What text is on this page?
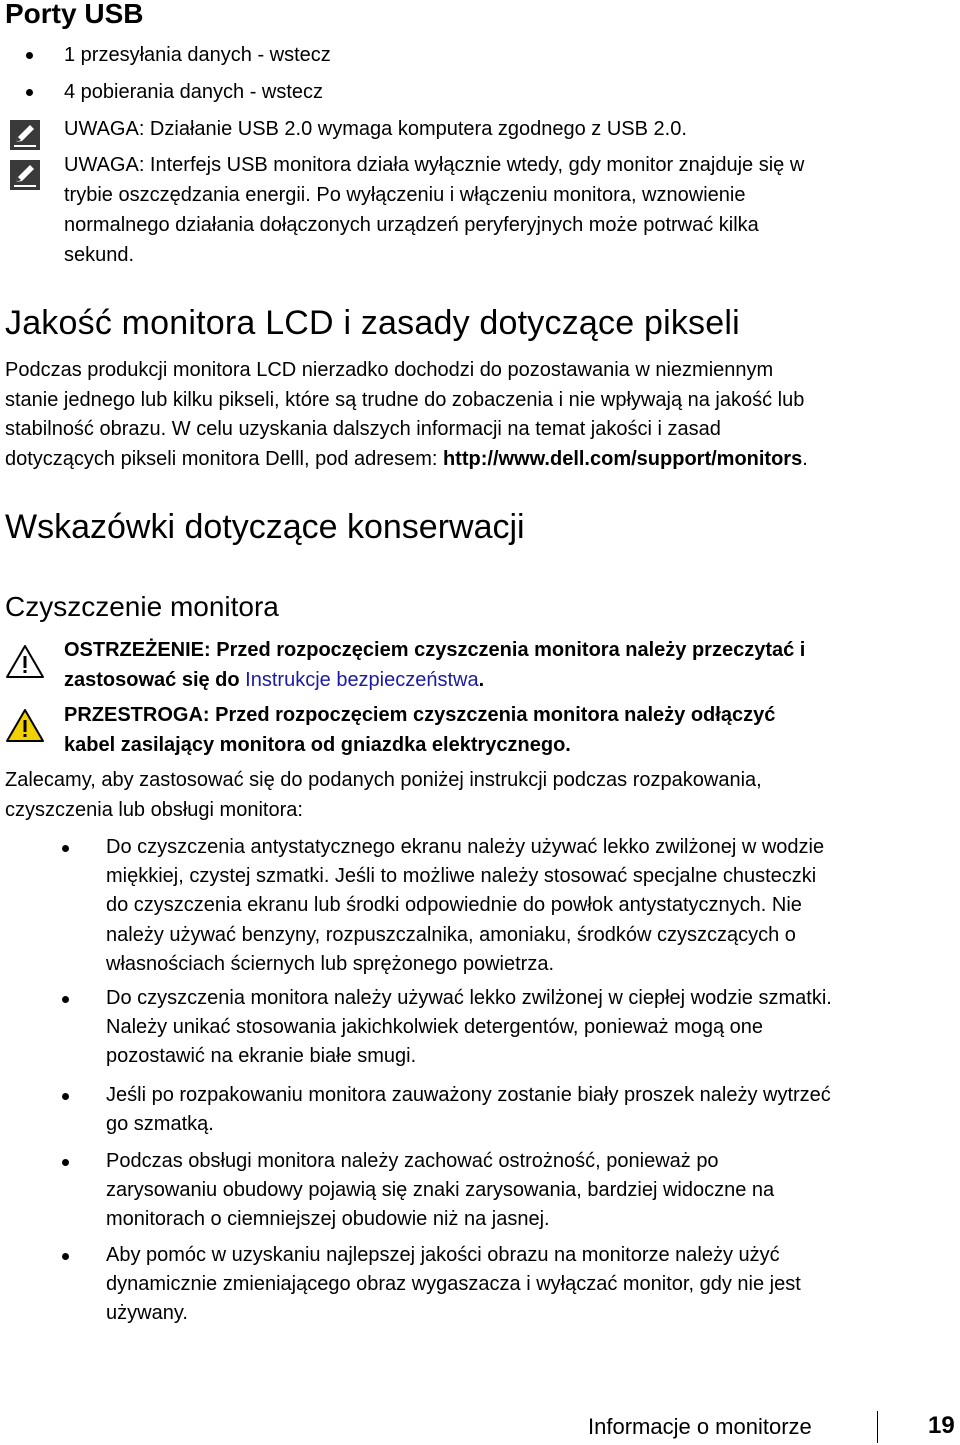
Porty USB
1 przesyłania danych - wstecz
4 pobierania danych - wstecz
UWAGA: Działanie USB 2.0 wymaga komputera zgodnego z USB 2.0.
UWAGA: Interfejs USB monitora działa wyłącznie wtedy, gdy monitor znajduje się w
trybie oszczędzania energii. Po wyłączeniu i włączeniu monitora, wznowienie
normalnego działania dołączonych urządzeń peryferyjnych może potrwać kilka
sekund.
Jakość monitora LCD i zasady dotyczące pikseli
Podczas produkcji monitora LCD nierzadko dochodzi do pozostawania w niezmiennym
stanie jednego lub kilku pikseli, które są trudne do zobaczenia i nie wpływają na jakość lub
stabilność obrazu. W celu uzyskania dalszych informacji na temat jakości i zasad
dotyczących pikseli monitora Delll, pod adresem: http://www.dell.com/support/monitors.
Wskazówki dotyczące konserwacji
Czyszczenie monitora
OSTRZEŻENIE: Przed rozpoczęciem czyszczenia monitora należy przeczytać i
zastosować się do Instrukcje bezpieczeństwa.
PRZESTROGA: Przed rozpoczęciem czyszczenia monitora należy odłączyć
kabel zasilający monitora od gniazdka elektrycznego.
Zalecamy, aby zastosować się do podanych poniżej instrukcji podczas rozpakowania,
czyszczenia lub obsługi monitora:
Do czyszczenia antystatycznego ekranu należy używać lekko zwilżonej w wodzie
miękkiej, czystej szmatki. Jeśli to możliwe należy stosować specjalne chusteczki
do czyszczenia ekranu lub środki odpowiednie do powłok antystatycznych. Nie
należy używać benzyny, rozpuszczalnika, amoniaku, środków czyszczących o
własnościach ściernych lub sprężonego powietrza.
Do czyszczenia monitora należy używać lekko zwilżonej w ciepłej wodzie szmatki.
Należy unikać stosowania jakichkolwiek detergentów, ponieważ mogą one
pozostawić na ekranie białe smugi.
Jeśli po rozpakowaniu monitora zauważony zostanie biały proszek należy wytrzeć
go szmatką.
Podczas obsługi monitora należy zachować ostrożność, ponieważ po
zarysowaniu obudowy pojawią się znaki zarysowania, bardziej widoczne na
monitorach o ciemniejszej obudowie niż na jasnej.
Aby pomóc w uzyskaniu najlepszej jakości obrazu na monitorze należy użyć
dynamicznie zmieniającego obraz wygaszacza i wyłączać monitor, gdy nie jest
używany.
Informacje o monitorze	19
